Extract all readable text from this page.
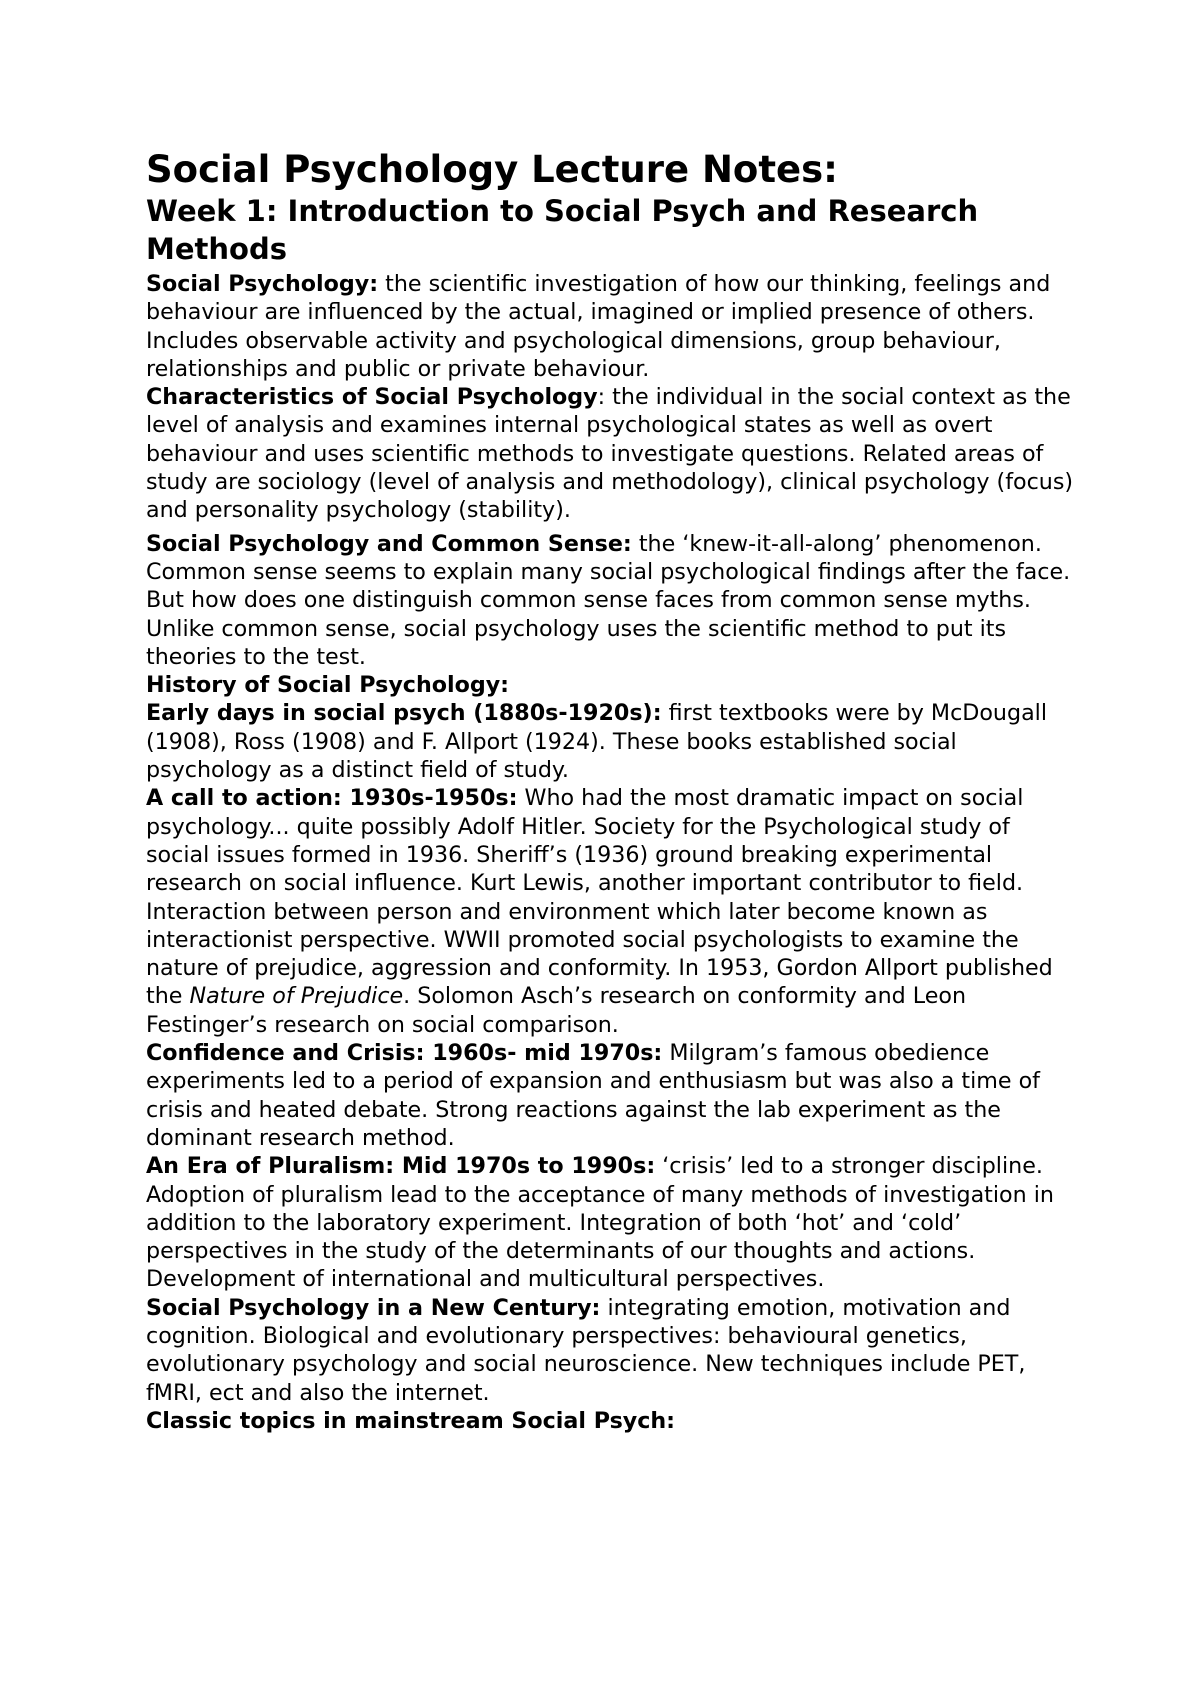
Social Psychology Lecture Notes:
Week 1: Introduction to Social Psych and Research Methods

Social Psychology: the scientific investigation of how our thinking, feelings and behaviour are influenced by the actual, imagined or implied presence of others. Includes observable activity and psychological dimensions, group behaviour, relationships and public or private behaviour.

Characteristics of Social Psychology: the individual in the social context as the level of analysis and examines internal psychological states as well as overt behaviour and uses scientific methods to investigate questions. Related areas of study are sociology (level of analysis and methodology), clinical psychology (focus) and personality psychology (stability).

Social Psychology and Common Sense: the ‘knew-it-all-along’ phenomenon. Common sense seems to explain many social psychological findings after the face. But how does one distinguish common sense faces from common sense myths. Unlike common sense, social psychology uses the scientific method to put its theories to the test.

History of Social Psychology:

Early days in social psych (1880s-1920s): first textbooks were by McDougall (1908), Ross (1908) and F. Allport (1924). These books established social psychology as a distinct field of study.

A call to action: 1930s-1950s: Who had the most dramatic impact on social psychology... quite possibly Adolf Hitler. Society for the Psychological study of social issues formed in 1936. Sheriff’s (1936) ground breaking experimental research on social influence. Kurt Lewis, another important contributor to field. Interaction between person and environment which later become known as interactionist perspective. WWII promoted social psychologists to examine the nature of prejudice, aggression and conformity. In 1953, Gordon Allport published the Nature of Prejudice. Solomon Asch’s research on conformity and Leon Festinger’s research on social comparison.

Confidence and Crisis: 1960s- mid 1970s: Milgram’s famous obedience experiments led to a period of expansion and enthusiasm but was also a time of crisis and heated debate. Strong reactions against the lab experiment as the dominant research method.

An Era of Pluralism: Mid 1970s to 1990s: ‘crisis’ led to a stronger discipline. Adoption of pluralism lead to the acceptance of many methods of investigation in addition to the laboratory experiment. Integration of both ‘hot’ and ‘cold’ perspectives in the study of the determinants of our thoughts and actions. Development of international and multicultural perspectives.

Social Psychology in a New Century: integrating emotion, motivation and cognition. Biological and evolutionary perspectives: behavioural genetics, evolutionary psychology and social neuroscience. New techniques include PET, fMRI, ect and also the internet.

Classic topics in mainstream Social Psych:
